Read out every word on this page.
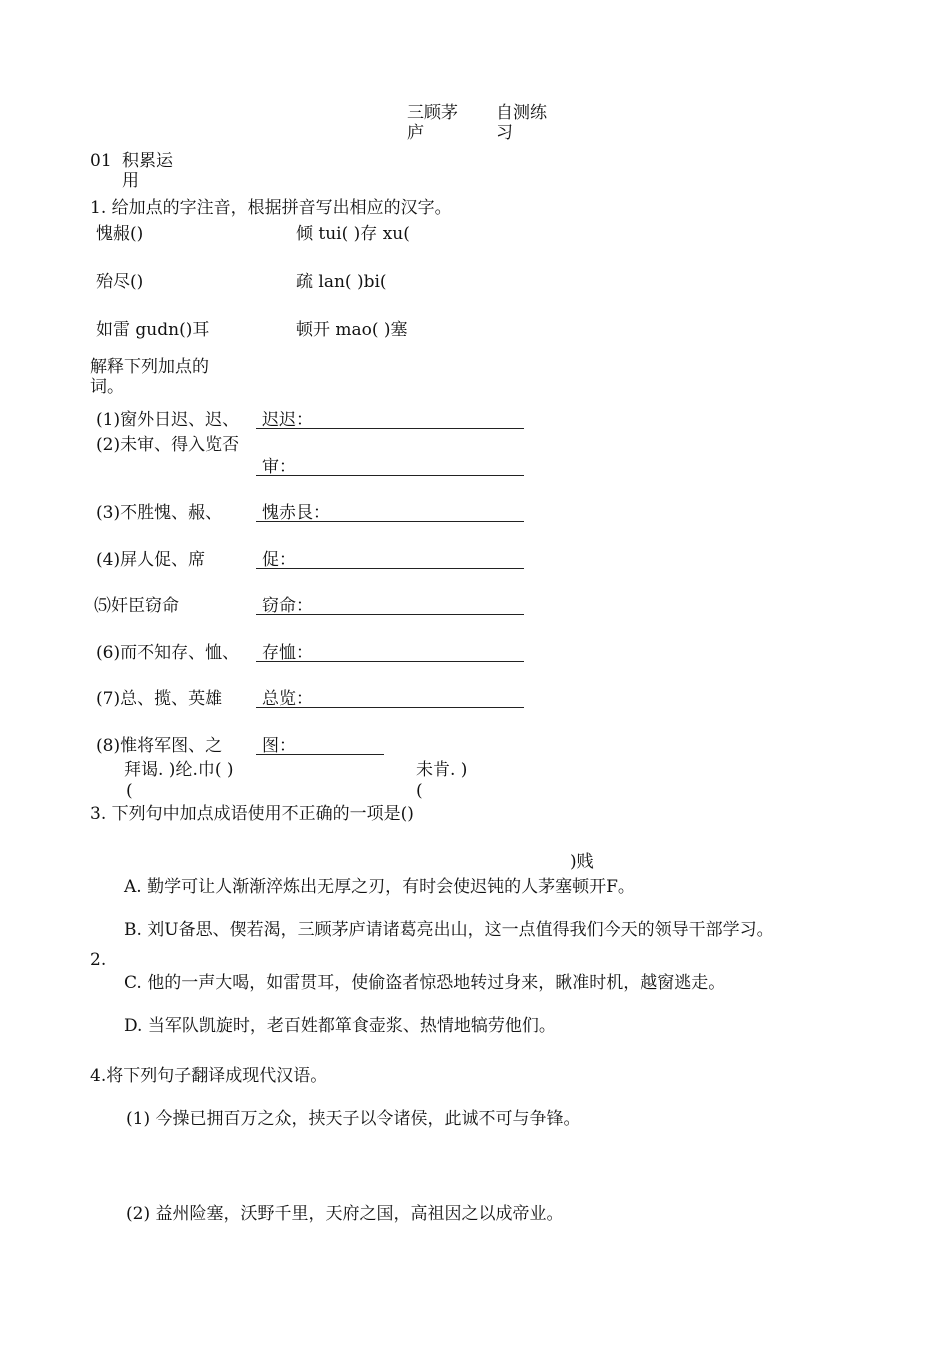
三顾茅庐
自测练习
01 积累运用
1. 给加点的字注音，根据拼音写出相应的汉字。
愧赧()	倾 tui( )存 xu(
殆尽()	疏 lan( )bi(
如雷 gudn()耳	顿开 mao( )塞
解释下列加点的词。
(1)窗外日迟、迟、 迟迟：
(2)未审、得入览否
审：
(3)不胜愧、赧、 愧赤艮：
(4)屏人促、席	促：
⑸奸臣窃命	窃命：
(6)而不知存、恤、 存恤：
(7)总、揽、英雄 总览：
(8)惟将军图、之 图：
拜谒. )纶.巾( )	未肯. )
(	(
3. 下列句中加点成语使用不正确的一项是()
)贱
A. 勤学可让人渐渐淬炼出无厚之刃，有时会使迟钝的人茅塞顿开F。
B. 刘U备思、偰若渴，三顾茅庐请诸葛亮出山，这一点值得我们今天的领导干部学习。
2.
C. 他的一声大喝，如雷贯耳，使偷盗者惊恐地转过身来，瞅准时机，越窗逃走。
D. 当军队凯旋时，老百姓都箪食壶浆、热情地犒劳他们。
4.将下列句子翻译成现代汉语。
(1) 今操已拥百万之众，挟天子以令诸侯，此诚不可与争锋。
(2) 益州险塞，沃野千里，天府之国，高祖因之以成帝业。
